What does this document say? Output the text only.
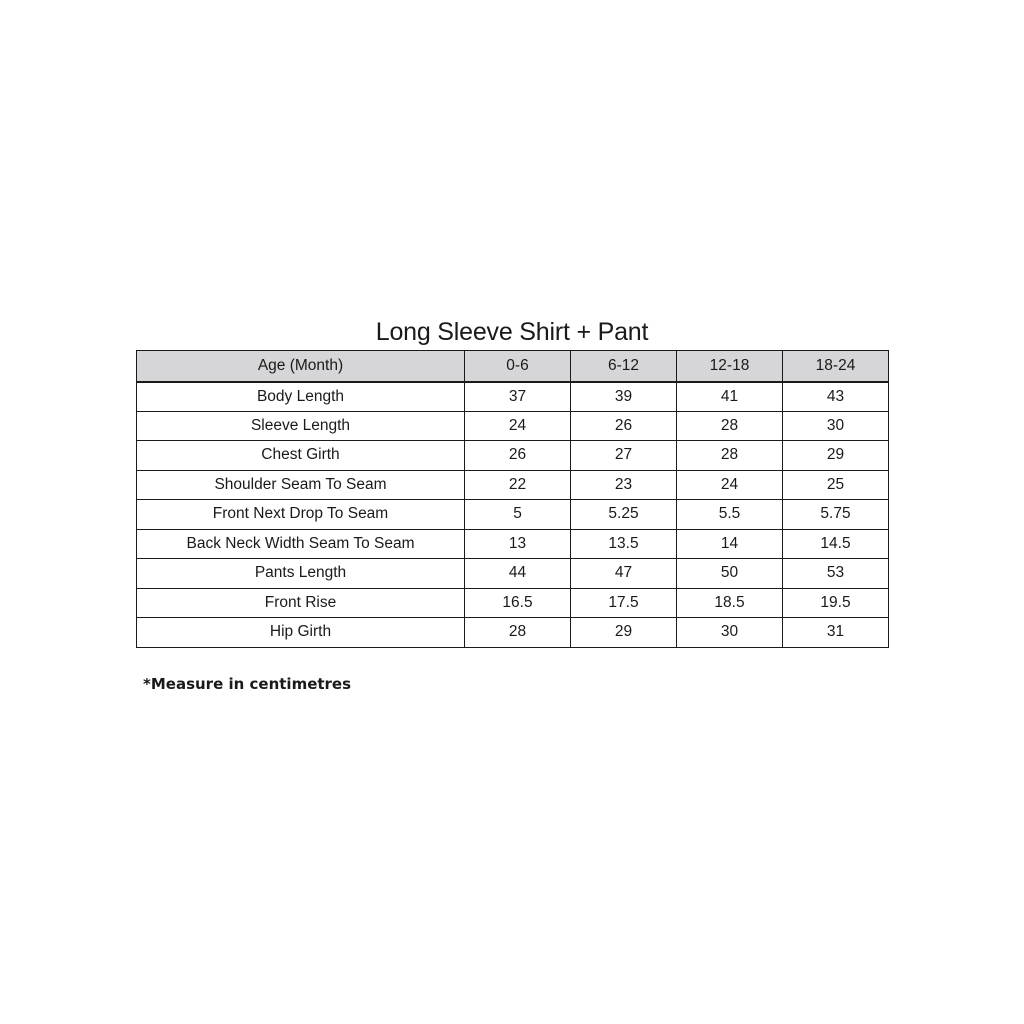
Long Sleeve Shirt + Pant
Age (Month)	0-6	6-12	12-18	18-24
Body Length	37	39	41	43
Sleeve Length	24	26	28	30
Chest Girth	26	27	28	29
Shoulder Seam To Seam	22	23	24	25
Front Next Drop To Seam	5	5.25	5.5	5.75
Back Neck Width Seam To Seam	13	13.5	14	14.5
Pants Length	44	47	50	53
Front Rise	16.5	17.5	18.5	19.5
Hip Girth	28	29	30	31
*Measure in centimetres
